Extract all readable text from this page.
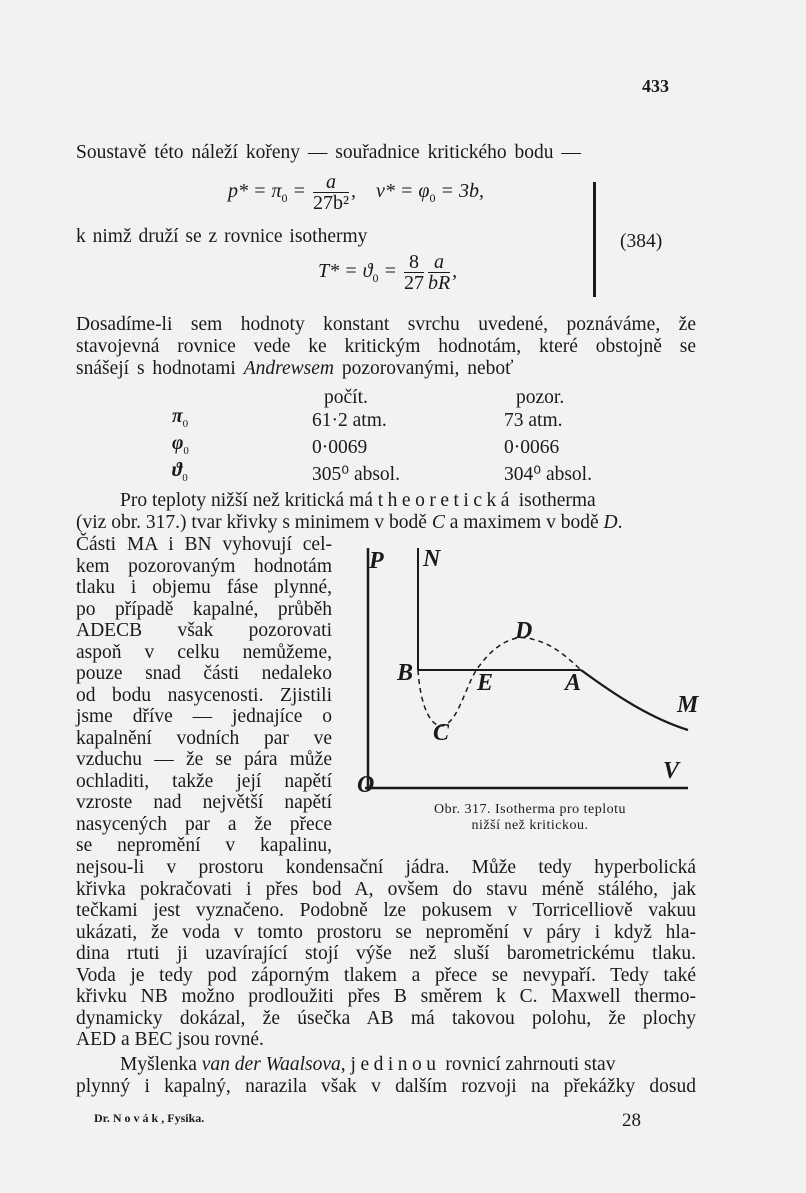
433
Soustavě této náleží kořeny — souřadnice kritického bodu —
$p* = \pi_0 = \frac{a}{\text{27b²}}$ , $v* = \varphi_0 = 3b$,
k nimž druží se z rovnice isothermy
$T* = ϑ_0 = \frac{8}{27} \frac{a}{bR}$ ,
(384)
Dosadíme-li sem hodnoty konstant svrchu uvedené, poznáváme, že
stavojevná rovnice vede ke kritickým hodnotám, které obstojně se
snášejí s hodnotami Andrewsem pozorovanými, neboť
	počít.	pozor.
$\pi_0$	61·2 atm.	73 atm.
$\varphi_0$	0·0069	0·0066
$ϑ_0$	305⁰ absol.	304⁰ absol.
Pro teploty nižší než kritická má theoretická isotherma
(viz obr. 317.) tvar křivky s minimem v bodě C a maximem v bodě D.
Části MA i BN vyhovují cel-
kem pozorovaným hodnotám
tlaku i objemu fáse plynné,
po případě kapalné, průběh
ADECB však pozorovati
aspoň v celku nemůžeme,
pouze snad části nedaleko
od bodu nasycenosti. Zjistili
jsme dříve — jednajíce o
kapalnění vodních par ve
vzduchu — že se pára může
ochladiti, takže její napětí
vzroste nad největší napětí
nasycených par a že přece
se nepromění v kapalinu,
P N
D
B	E	A
M
C
V
O
Obr. 317. Isotherma pro teplotu
nižší než kritickou.
nejsou-li v prostoru kondensační jádra. Může tedy hyperbolická
křivka pokračovati i přes bod A, ovšem do stavu méně stálého, jak
tečkami jest vyznačeno. Podobně lze pokusem v Torricelliově vakuu
ukázati, že voda v tomto prostoru se nepromění v páry i když hla-
dina rtuti ji uzavírající stojí výše než sluší barometrickému tlaku.
Voda je tedy pod záporným tlakem a přece se nevypaří. Tedy také
křivku NB možno prodloužiti přes B směrem k C. Maxwell thermo-
dynamicky dokázal, že úsečka AB má takovou polohu, že plochy
AED a BEC jsou rovné.
Myšlenka van der Waalsova, jedinou rovnicí zahrnouti stav
plynný i kapalný, narazila však v dalším rozvoji na překážky dosud
Dr. Novák, Fysika.	28
